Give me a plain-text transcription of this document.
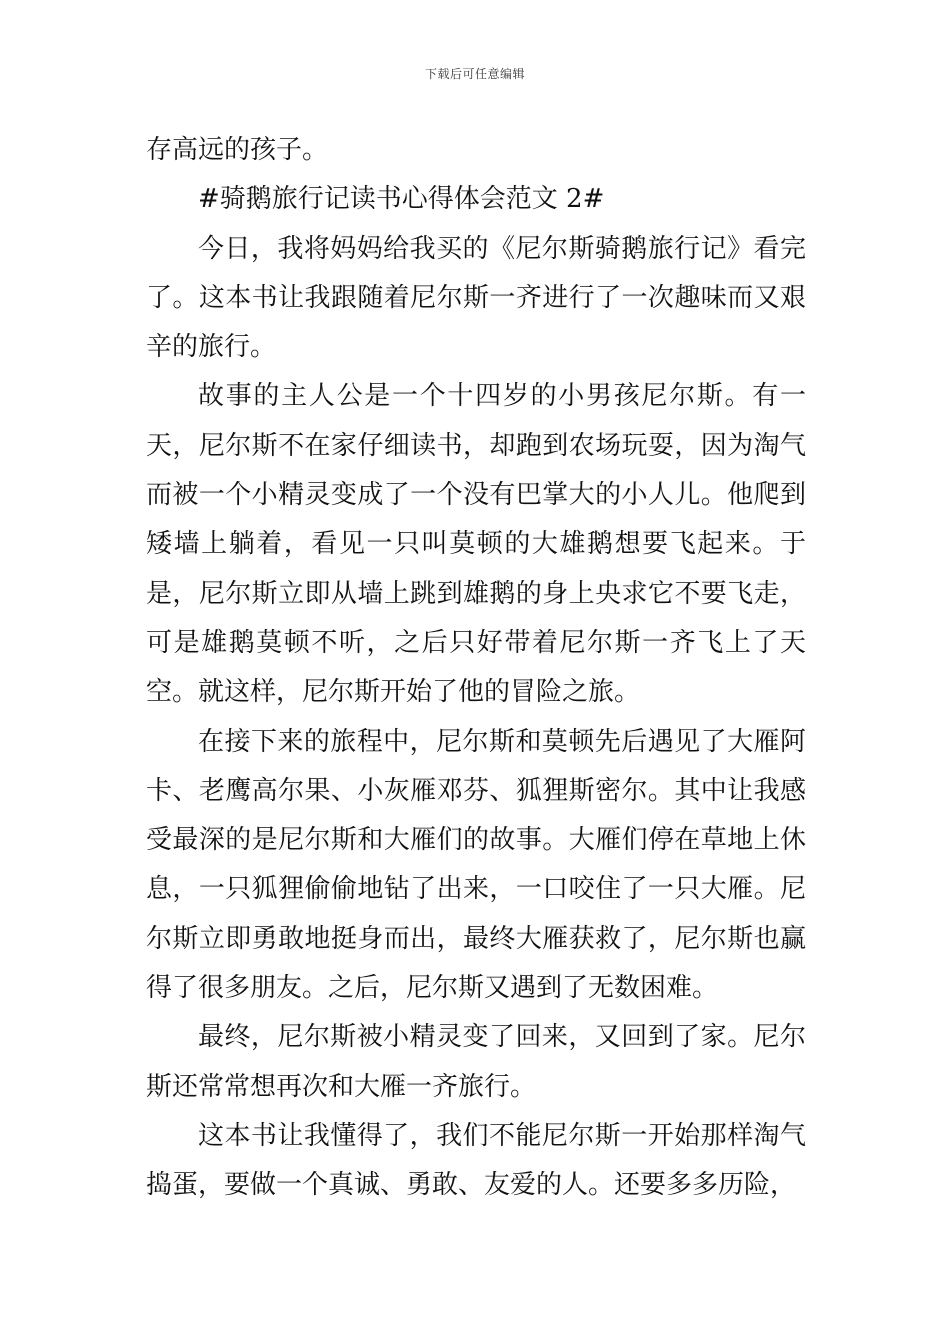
下载后可任意编辑

存高远的孩子。

#骑鹅旅行记读书心得体会范文 2#

今日，我将妈妈给我买的《尼尔斯骑鹅旅行记》看完了。这本书让我跟随着尼尔斯一齐进行了一次趣味而又艰辛的旅行。

故事的主人公是一个十四岁的小男孩尼尔斯。有一天，尼尔斯不在家仔细读书，却跑到农场玩耍，因为淘气而被一个小精灵变成了一个没有巴掌大的小人儿。他爬到矮墙上躺着，看见一只叫莫顿的大雄鹅想要飞起来。于是，尼尔斯立即从墙上跳到雄鹅的身上央求它不要飞走，可是雄鹅莫顿不听，之后只好带着尼尔斯一齐飞上了天空。就这样，尼尔斯开始了他的冒险之旅。

在接下来的旅程中，尼尔斯和莫顿先后遇见了大雁阿卡、老鹰高尔果、小灰雁邓芬、狐狸斯密尔。其中让我感受最深的是尼尔斯和大雁们的故事。大雁们停在草地上休息，一只狐狸偷偷地钻了出来，一口咬住了一只大雁。尼尔斯立即勇敢地挺身而出，最终大雁获救了，尼尔斯也赢得了很多朋友。之后，尼尔斯又遇到了无数困难。

最终，尼尔斯被小精灵变了回来，又回到了家。尼尔斯还常常想再次和大雁一齐旅行。

这本书让我懂得了，我们不能尼尔斯一开始那样淘气捣蛋，要做一个真诚、勇敢、友爱的人。还要多多历险，
